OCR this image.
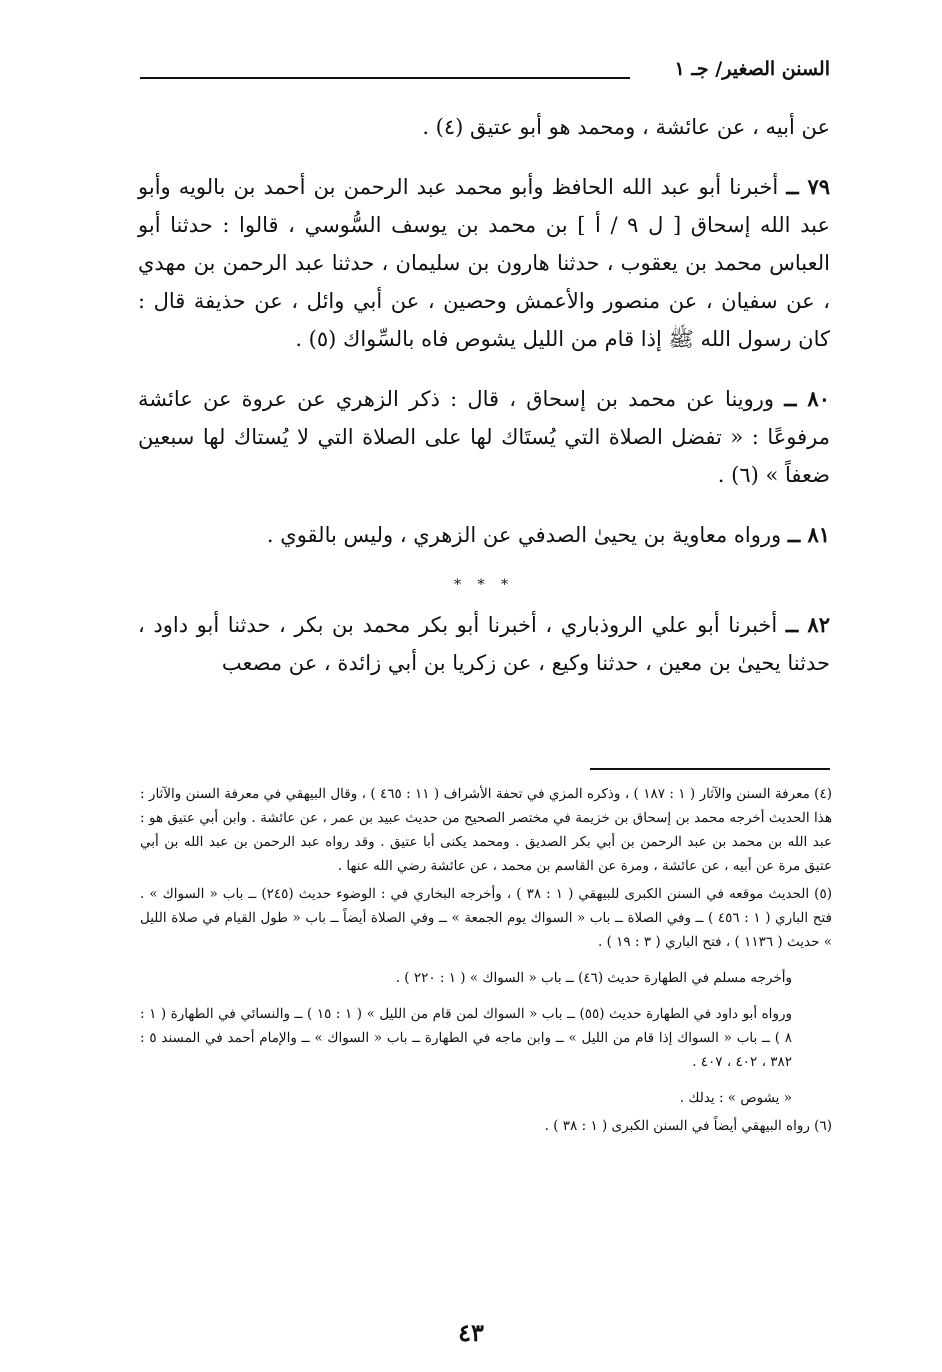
السنن الصغير/ جـ ١

عن أبيه ، عن عائشة ، ومحمد هو أبو عتيق (٤) .

٧٩ ــ أخبرنا أبو عبد الله الحافظ وأبو محمد عبد الرحمن بن أحمد بن بالويه وأبو عبد الله إسحاق [ ل ٩ / أ ] بن محمد بن يوسف السُّوسي ، قالوا : حدثنا أبو العباس محمد بن يعقوب ، حدثنا هارون بن سليمان ، حدثنا عبد الرحمن بن مهدي ، عن سفيان ، عن منصور والأعمش وحصين ، عن أبي وائل ، عن حذيفة قال : كان رسول الله ﷺ إذا قام من الليل يشوص فاه بالسِّواك (٥) .

٨٠ ــ وروينا عن محمد بن إسحاق ، قال : ذكر الزهري عن عروة عن عائشة مرفوعًا : « تفضل الصلاة التي يُستَاك لها على الصلاة التي لا يُستاك لها سبعين ضعفاً » (٦) .

٨١ ــ ورواه معاوية بن يحيىٰ الصدفي عن الزهري ، وليس بالقوي .

* * *

٨٢ ــ أخبرنا أبو علي الروذباري ، أخبرنا أبو بكر محمد بن بكر ، حدثنا أبو داود ، حدثنا يحيىٰ بن معين ، حدثنا وكيع ، عن زكريا بن أبي زائدة ، عن مصعب

(٤) معرفة السنن والآثار ( ١ : ١٨٧ ) ، وذكره المزي في تحفة الأشراف ( ١١ : ٤٦٥ ) ، وقال البيهقي في معرفة السنن والآثار : هذا الحديث أخرجه محمد بن إسحاق بن خزيمة في مختصر الصحيح من حديث عبيد بن عمر ، عن عائشة . وابن أبي عتيق هو : عبد الله بن محمد بن عبد الرحمن بن أبي بكر الصديق . ومحمد يكنى أبا عتيق . وقد رواه عبد الرحمن بن عبد الله بن أبي عتيق مرة عن أبيه ، عن عائشة ، ومرة عن القاسم بن محمد ، عن عائشة رضي الله عنها .

(٥) الحديث موقعه في السنن الكبرى للبيهقي ( ١ : ٣٨ ) ، وأخرجه البخاري في : الوضوء حديث (٢٤٥) ــ باب « السواك » . فتح الباري ( ١ : ٤٥٦ ) ــ وفي الصلاة ــ باب « السواك يوم الجمعة » ــ وفي الصلاة أيضاً ــ باب « طول القيام في صلاة الليل » حديث ( ١١٣٦ ) ، فتح الباري ( ٣ : ١٩ ) .

وأخرجه مسلم في الطهارة حديث (٤٦) ــ باب « السواك » ( ١ : ٢٢٠ ) .

ورواه أبو داود في الطهارة حديث (٥٥) ــ باب « السواك لمن قام من الليل » ( ١ : ١٥ ) ــ والنسائي في الطهارة ( ١ : ٨ ) ــ باب « السواك إذا قام من الليل » ــ وابن ماجه في الطهارة ــ باب « السواك » ــ والإمام أحمد في المسند ٥ : ٣٨٢ ، ٤٠٢ ، ٤٠٧ .

« يشوص » : يدلك .

(٦) رواه البيهقي أيضاً في السنن الكبرى ( ١ : ٣٨ ) .

٤٣
